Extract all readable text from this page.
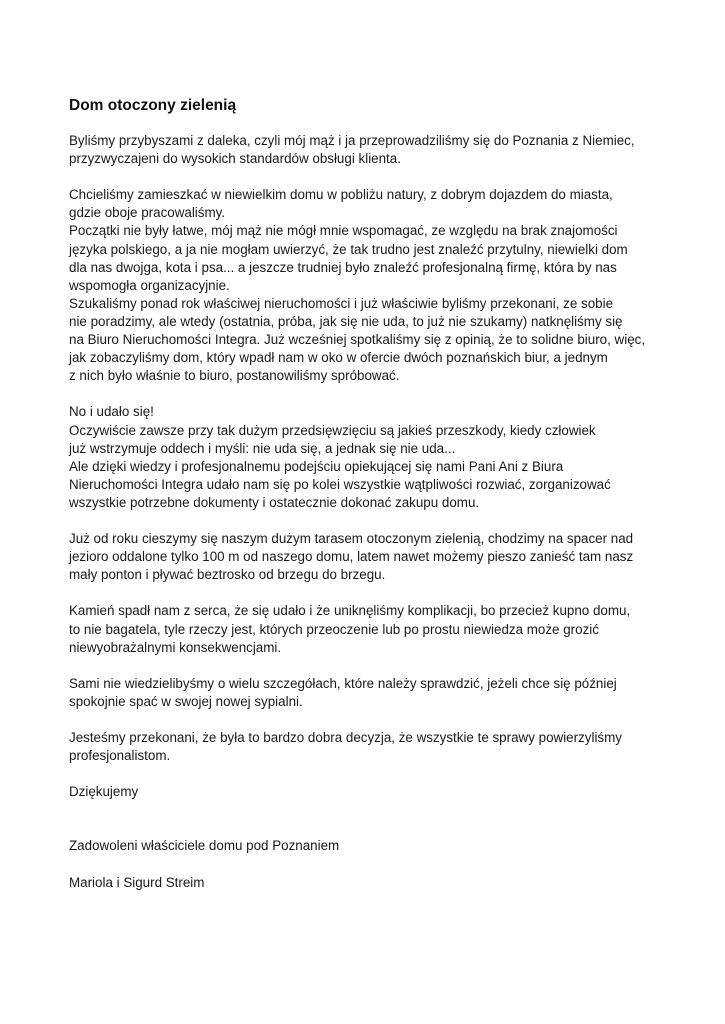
Dom otoczony zielenią
Byliśmy przybyszami z daleka, czyli mój mąż i ja przeprowadziliśmy się do Poznania z Niemiec,
przyzwyczajeni do wysokich standardów obsługi klienta.
Chcieliśmy zamieszkać w niewielkim domu w pobliżu natury, z dobrym dojazdem do miasta,
gdzie oboje pracowaliśmy.
Początki nie były łatwe, mój mąż nie mógł mnie wspomagać, ze względu na brak znajomości
języka polskiego, a ja nie mogłam uwierzyć, że tak trudno jest znaleźć przytulny, niewielki dom
dla nas dwojga, kota i psa... a jeszcze trudniej było znaleźć profesjonalną firmę, która by nas
wspomogła organizacyjnie.
Szukaliśmy ponad rok właściwej nieruchomości i już właściwie byliśmy przekonani, ze sobie
nie poradzimy, ale wtedy (ostatnia, próba, jak się nie uda, to już nie szukamy) natknęliśmy się
na Biuro Nieruchomości Integra. Już wcześniej spotkaliśmy się z opinią, że to solidne biuro, więc,
jak zobaczyliśmy dom, który wpadł nam w oko w ofercie dwóch poznańskich biur, a jednym
z nich było właśnie to biuro, postanowiliśmy spróbować.
No i udało się!
Oczywiście zawsze przy tak dużym przedsięwzięciu są jakieś przeszkody, kiedy człowiek
już wstrzymuje oddech i myśli: nie uda się, a jednak się nie uda...
Ale dzięki wiedzy i profesjonalnemu podejściu opiekującej się nami Pani Ani z Biura
Nieruchomości Integra udało nam się po kolei wszystkie wątpliwości rozwiać, zorganizować
wszystkie potrzebne dokumenty i ostatecznie dokonać zakupu domu.
Już od roku cieszymy się naszym dużym tarasem otoczonym zielenią, chodzimy na spacer nad
jezioro oddalone tylko 100 m od naszego domu, latem nawet możemy pieszo zanieść tam nasz
mały ponton i pływać beztrosko od brzegu do brzegu.
Kamień spadł nam z serca, że się udało i że uniknęliśmy komplikacji, bo przecież kupno domu,
to nie bagatela, tyle rzeczy jest, których przeoczenie lub po prostu niewiedza może grozić
niewyobrażalnymi konsekwencjami.
Sami nie wiedzielibyśmy o wielu szczegółach, które należy sprawdzić, jeżeli chce się później
spokojnie spać w swojej nowej sypialni.
Jesteśmy przekonani, że była to bardzo dobra decyzja, że wszystkie te sprawy powierzyliśmy
profesjonalistom.
Dziękujemy
Zadowoleni właściciele domu pod Poznaniem
Mariola i Sigurd Streim
